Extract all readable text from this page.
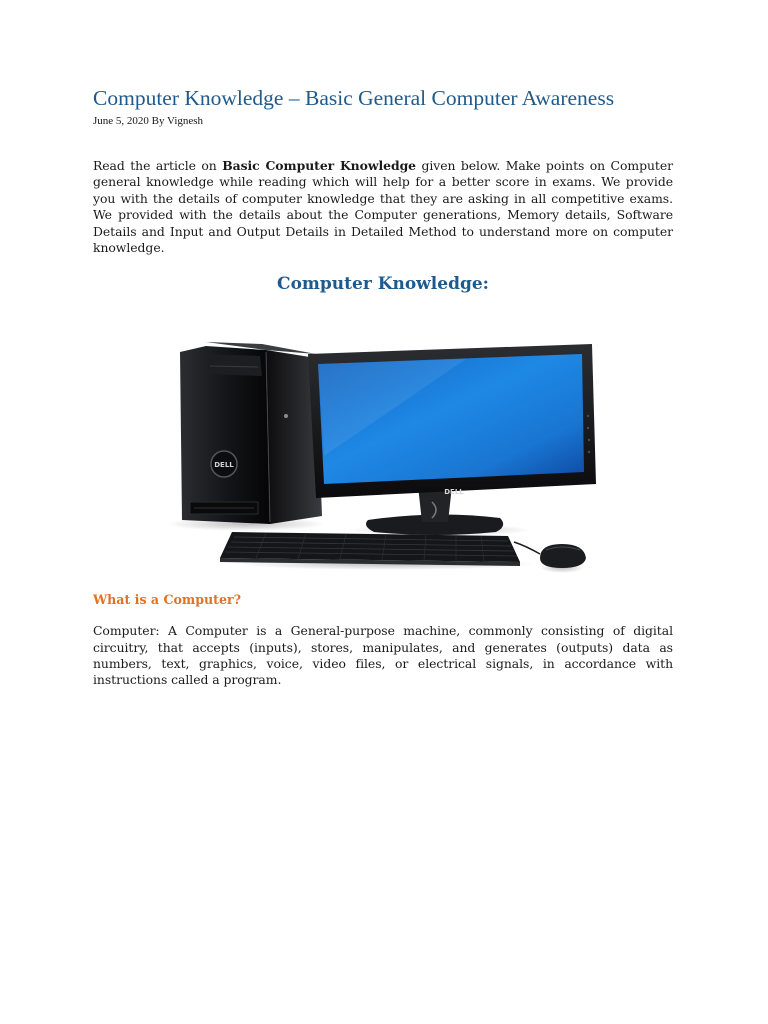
Computer Knowledge – Basic General Computer Awareness
June 5, 2020 By Vignesh

Read the article on Basic Computer Knowledge given below. Make points on Computer general knowledge while reading which will help for a better score in exams. We provide you with the details of computer knowledge that they are asking in all competitive exams. We provided with the details about the Computer generations, Memory details, Software Details and Input and Output Details in Detailed Method to understand more on computer knowledge.

Computer Knowledge:
DELL
DELL
What is a Computer?

Computer: A Computer is a General-purpose machine, commonly consisting of digital circuitry, that accepts (inputs), stores, manipulates, and generates (outputs) data as numbers, text, graphics, voice, video files, or electrical signals, in accordance with instructions called a program.
